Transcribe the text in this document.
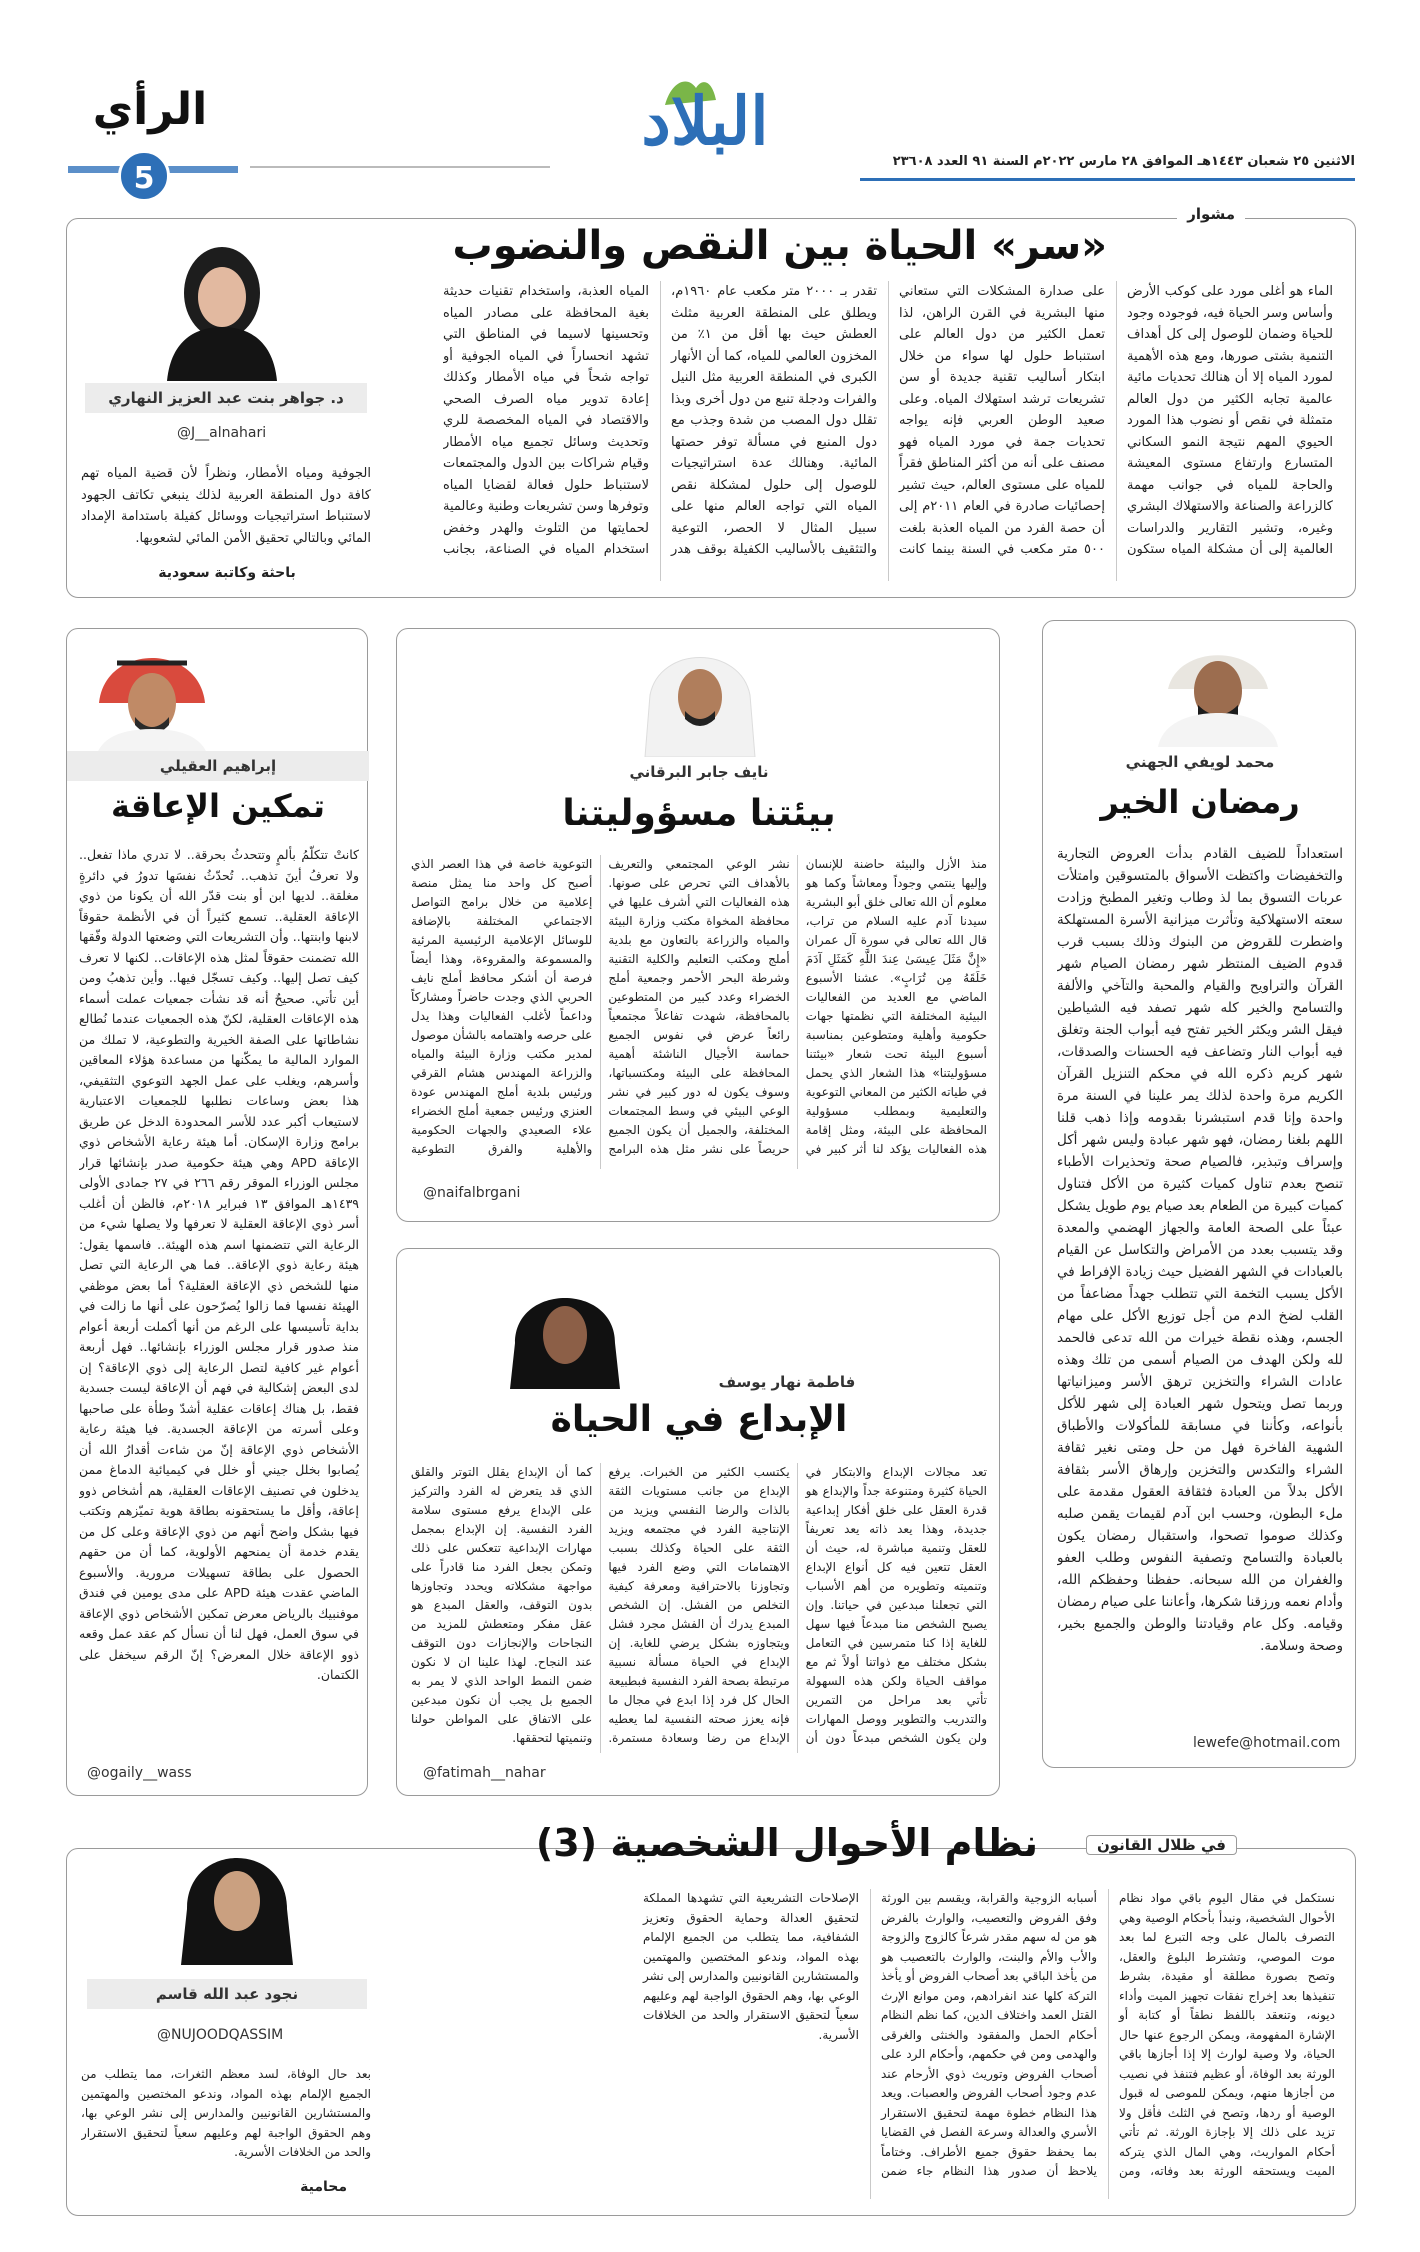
الرأي
5
البلاد
الاثنين ٢٥ شعبان ١٤٤٣هـ الموافق ٢٨ مارس ٢٠٢٢م السنة ٩١ العدد ٢٣٦٠٨
مشوار
«سر» الحياة بين النقص والنضوب
الماء هو أغلى مورد على كوكب الأرض وأساس وسر الحياة فيه، فوجوده وجود للحياة وضمان للوصول إلى كل أهداف التنمية بشتى صورها، ومع هذه الأهمية لمورد المياه إلا أن هنالك تحديات مائية عالمية تجابه الكثير من دول العالم متمثلة في نقص أو نضوب هذا المورد الحيوي المهم نتيجة النمو السكاني المتسارع وارتفاع مستوى المعيشة والحاجة للمياه في جوانب مهمة كالزراعة والصناعة والاستهلاك البشري وغيره، وتشير التقارير والدراسات العالمية إلى أن مشكلة المياه ستكون على صدارة المشكلات التي ستعاني منها البشرية في القرن الراهن، لذا تعمل الكثير من دول العالم على استنباط حلول لها سواء من خلال ابتكار أساليب تقنية جديدة أو سن تشريعات ترشد استهلاك المياه. وعلى صعيد الوطن العربي فإنه يواجه تحديات جمة في مورد المياه فهو مصنف على أنه من أكثر المناطق فقراً للمياه على مستوى العالم، حيث تشير إحصائيات صادرة في العام ٢٠١١م إلى أن حصة الفرد من المياه العذبة بلغت ٥٠٠ متر مكعب في السنة بينما كانت تقدر بـ ٢٠٠٠ متر مكعب عام ١٩٦٠م، ويطلق على المنطقة العربية مثلث العطش حيث بها أقل من ١٪ من المخزون العالمي للمياه، كما أن الأنهار الكبرى في المنطقة العربية مثل النيل والفرات ودجلة تنبع من دول أخرى وبذا تقلل دول المصب من شدة وجذب مع دول المنبع في مسألة توفر حصتها المائية. وهنالك عدة استراتيجيات للوصول إلى حلول لمشكلة نقص المياه التي تواجه العالم منها على سبيل المثال لا الحصر، التوعية والتثقيف بالأساليب الكفيلة بوقف هدر المياه العذبة، واستخدام تقنيات حديثة بغية المحافظة على مصادر المياه وتحسينها لاسيما في المناطق التي تشهد انحساراً في المياه الجوفية أو تواجه شحاً في مياه الأمطار وكذلك إعادة تدوير مياه الصرف الصحي والاقتصاد في المياه المخصصة للري وتحديث وسائل تجميع مياه الأمطار وقيام شراكات بين الدول والمجتمعات لاستنباط حلول فعالة لقضايا المياه وتوفرها وسن تشريعات وطنية وعالمية لحمايتها من التلوث والهدر وخفض استخدام المياه في الصناعة، بجانب
د. جواهر بنت عبد العزيز النهاري
@J__alnahari
الجوفية ومياه الأمطار، ونظراً لأن قضية المياه تهم كافة دول المنطقة العربية لذلك ينبغي تكاتف الجهود لاستنباط استراتيجيات ووسائل كفيلة باستدامة الإمداد المائي وبالتالي تحقيق الأمن المائي لشعوبها.
باحثة وكاتبة سعودية
محمد لويفي الجهني
رمضان الخير
استعداداً للضيف القادم بدأت العروض التجارية والتخفيضات واكتظت الأسواق بالمتسوقين وامتلأت عربات التسوق بما لذ وطاب وتغير المطبخ وزادت سعته الاستهلاكية وتأثرت ميزانية الأسرة المستهلكة واضطرت للقروض من البنوك وذلك بسبب قرب قدوم الضيف المنتظر شهر رمضان الصيام شهر القرآن والتراويح والقيام والمحبة والتآخي والألفة والتسامح والخير كله شهر تصفد فيه الشياطين فيقل الشر ويكثر الخير تفتح فيه أبواب الجنة وتغلق فيه أبواب النار وتضاعف فيه الحسنات والصدقات، شهر كريم ذكره الله في محكم التنزيل القرآن الكريم مرة واحدة لذلك يمر علينا في السنة مرة واحدة وإنا قدم استبشرنا بقدومه وإذا ذهب قلنا اللهم بلغنا رمضان، فهو شهر عبادة وليس شهر أكل وإسراف وتبذير، فالصيام صحة وتحذيرات الأطباء تنصح بعدم تناول كميات كثيرة من الأكل فتناول كميات كبيرة من الطعام بعد صيام يوم طويل يشكل عبئاً على الصحة العامة والجهاز الهضمي والمعدة وقد يتسبب بعدد من الأمراض والتكاسل عن القيام بالعبادات في الشهر الفضيل حيث زيادة الإفراط في الأكل يسبب التخمة التي تتطلب جهداً مضاعفاً من القلب لضخ الدم من أجل توزيع الأكل على مهام الجسم، وهذه نقطة خيرات من الله تدعى فالحمد لله ولكن الهدف من الصيام أسمى من تلك وهذه عادات الشراء والتخزين ترهق الأسر وميزانياتها وربما تصل ويتحول شهر العبادة إلى شهر للأكل بأنواعه، وكأننا في مسابقة للمأكولات والأطباق الشهية الفاخرة فهل من حل ومتى نغير ثقافة الشراء والتكدس والتخزين وإرهاق الأسر بثقافة الأكل بدلاً من العبادة فثقافة العقول مقدمة على ملء البطون، وحسب ابن آدم لقيمات يقمن صلبه وكذلك صوموا تصحوا، واستقبال رمضان يكون بالعبادة والتسامح وتصفية النفوس وطلب العفو والغفران من الله سبحانه. حفظنا وحفظكم الله، وأدام نعمه ورزقنا شكرها، وأعاننا على صيام رمضان وقيامه. وكل عام وقيادتنا والوطن والجميع بخير، وصحة وسلامة.
lewefe@hotmail.com
نايف جابر البرقاني
بيئتنا مسؤوليتنا
منذ الأزل والبيئة حاضنة للإنسان وإليها ينتمي وجوداً ومعاشاً وكما هو معلوم أن الله تعالى خلق أبو البشرية سيدنا آدم عليه السلام من تراب، قال الله تعالى في سورة آل عمران «إِنَّ مَثَلَ عِيسَىٰ عِندَ اللَّهِ كَمَثَلِ آدَمَ خَلَقَهُ مِن تُرَابٍ». عشنا الأسبوع الماضي مع العديد من الفعاليات البيئية المختلفة التي نظمتها جهات حكومية وأهلية ومتطوعين بمناسبة أسبوع البيئة تحت شعار «بيئتنا مسؤوليتنا» هذا الشعار الذي يحمل في طياته الكثير من المعاني التوعوية والتعليمية وبمطلب مسؤولية المحافظة على البيئة، ومثل إقامة هذه الفعاليات يؤكد لنا أثر كبير في نشر الوعي المجتمعي والتعريف بالأهداف التي تحرص على صونها. هذه الفعاليات التي أشرف عليها في محافظة المخواة مكتب وزارة البيئة والمياه والزراعة بالتعاون مع بلدية أملج ومكتب التعليم والكلية التقنية وشرطة البحر الأحمر وجمعية أملج الخضراء وعدد كبير من المتطوعين بالمحافظة، شهدت تفاعلاً مجتمعياً رائعاً عرض في نفوس الجميع حماسة الأجيال الناشئة أهمية المحافظة على البيئة ومكتسباتها، وسوف يكون له دور كبير في نشر الوعي البيئي في وسط المجتمعات المختلفة، والجميل أن يكون الجميع حريصاً على نشر مثل هذه البرامج التوعوية خاصة في هذا العصر الذي أصبح كل واحد منا يمثل منصة إعلامية من خلال برامج التواصل الاجتماعي المختلفة بالإضافة للوسائل الإعلامية الرئيسية المرئية والمسموعة والمقروءة، وهذا أيضاً فرصة أن أشكر محافظ أملج نايف الحربي الذي وجدت حاضراً ومشاركاً وداعماً لأغلب الفعاليات وهذا يدل على حرصه واهتمامه بالشأن موصول لمدير مكتب وزارة البيئة والمياه والزراعة المهندس هشام القرقي ورئيس بلدية أملج المهندس عودة العنزي ورئيس جمعية أملج الخضراء علاء الصعيدي والجهات الحكومية والأهلية والفرق التطوعية
@naifalbrgani
فاطمة نهار يوسف
الإبداع في الحياة
تعد مجالات الإبداع والابتكار في الحياة كثيرة ومتنوعة جداً والإبداع هو قدرة العقل على خلق أفكار إبداعية جديدة، وهذا يعد ذاته يعد تعريفاً للعقل وتنمية مباشرة له، حيث أن العقل تتعين فيه كل أنواع الإبداع وتنميته وتطويره من أهم الأسباب التي تجعلنا مبدعين في حياتنا. وإن يصبح الشخص منا مبدعاً فيها سهل للغاية إذا كنا متمرسين في التعامل بشكل مختلف مع ذواتنا أولاً ثم مع مواقف الحياة ولكن هذه السهولة تأتي بعد مراحل من التمرين والتدريب والتطوير ووصل المهارات ولن يكون الشخص مبدعاً دون أن يكتسب الكثير من الخبرات. يرفع الإبداع من جانب مستويات الثقة بالذات والرضا النفسي ويزيد من الإنتاجية الفرد في مجتمعه ويزيد الثقة على الحياة وكذلك بسبب الاهتمامات التي وضع الفرد فيها وتجاوزنا بالاحترافية ومعرفة كيفية التخلص من الفشل. إن الشخص المبدع يدرك أن الفشل مجرد فشل ويتجاوزه بشكل يرضي للغاية. إن الإبداع في الحياة مسألة نسبية مرتبطة بصحة الفرد النفسية فبطبيعة الحال كل فرد إذا ابدع في مجال ما فإنه يعزز صحته النفسية لما يعطيه الإبداع من رضا وسعادة مستمرة. كما أن الإبداع يقلل التوتر والقلق الذي قد يتعرض له الفرد والتركيز على الإبداع يرفع مستوى سلامة الفرد النفسية. إن الإبداع بمجمل مهارات الإبداعية تتعكس على ذلك وتمكن بجعل الفرد منا قادراً على مواجهة مشكلاته ويحدد وتجاوزها بدون التوقف، والعقل المبدع هو عقل مفكر ومتعطش للمزيد من النجاحات والإنجازات دون التوقف عند النجاح. لهذا علينا ان لا نكون ضمن النمط الواحد الذي لا يمر به الجميع بل يجب أن نكون مبدعين على الاتفاق على المواطن حولنا وتنميتها لتحققها.
@fatimah__nahar
إبراهيم العقيلي
تمكين الإعاقة
كانتْ تتكلّمُ بألمٍ وتتحدثُ بحرقة.. لا تدري ماذا تفعل.. ولا تعرفُ أينَ تذهب.. تُحدّثُ نفسَها تدورُ في دائرةٍ مغلقة.. لديها ابن أو بنت قدّر الله أن يكونا من ذوي الإعاقة العقلية.. تسمع كثيراً أن في الأنظمة حقوقاً لابنها وابنتها.. وأن التشريعات التي وضعتها الدولة وفّقها الله تضمنت حقوقاً لمثل هذه الإعاقات.. لكنها لا تعرف كيف تصل إليها.. وكيف تسجّل فيها.. وأين تذهبُ ومن أين تأتي. صحيحٌ أنه قد نشأت جمعيات عملت أسماء هذه الإعاقات العقلية، لكنّ هذه الجمعيات عندما نُطالع نشاطاتها على الصفة الخيرية والتطوعية، لا تملك من الموارد المالية ما يمكّنها من مساعدة هؤلاء المعاقين وأسرهم، ويغلب على عمل الجهد التوعوي التثقيفي، هذا بعض وساعات نطلبها للجمعيات الاعتبارية لاستيعاب أكبر عدد للأسر المحدودة الدخل عن طريق برامج وزارة الإسكان. أما هيئة رعاية الأشخاص ذوي الإعاقة APD وهي هيئة حكومية صدر بإنشائها قرار مجلس الوزراء الموقر رقم ٢٦٦ في ٢٧ جمادى الأولى ١٤٣٩هـ الموافق ١٣ فبراير ٢٠١٨م، فالظن أن أغلب أسر ذوي الإعاقة العقلية لا تعرفها ولا يصلها شيء من الرعاية التي تتضمنها اسم هذه الهيئة.. فاسمها يقول: هيئة رعاية ذوي الإعاقة.. فما هي الرعاية التي تصل منها للشخص ذي الإعاقة العقلية؟ أما بعض موظفي الهيئة نفسها فما زالوا يُصرّحون على أنها ما زالت في بداية تأسيسها على الرغم من أنها أكملت أربعة أعوام منذ صدور قرار مجلس الوزراء بإنشائها.. فهل أربعة أعوام غير كافية لتصل الرعاية إلى ذوي الإعاقة؟ إن لدى البعض إشكالية في فهم أن الإعاقة ليست جسدية فقط، بل هناك إعاقات عقلية أشدّ وطأة على صاحبها وعلى أسرته من الإعاقة الجسدية. فيا هيئة رعاية الأشخاص ذوي الإعاقة إنّ من شاءت أقدارُ الله أن يُصابوا بخلل جيني أو خلل في كيميائية الدماغ ممن يدخلون في تصنيف الإعاقات العقلية، هم أشخاص ذوو إعاقة، وأقل ما يستحقونه بطاقة هوية تميّزهم وتكتب فيها بشكل واضح أنهم من ذوي الإعاقة وعلى كل من يقدم خدمة أن يمنحهم الأولوية، كما أن من حقهم الحصول على بطاقة تسهيلات مرورية. والأسبوع الماضي عقدت هيئة APD على مدى يومين في فندق موفنبيك بالرياض معرض تمكين الأشخاص ذوي الإعاقة في سوق العمل، فهل لنا أن نسأل كم عقد عمل وقعه ذوو الإعاقة خلال المعرض؟ إنّ الرقم سيخفل على الكتمان.
@ogaily__wass
في ظلال القانون
نظام الأحوال الشخصية (3)
نستكمل في مقال اليوم باقي مواد نظام الأحوال الشخصية، ونبدأ بأحكام الوصية وهي التصرف بالمال على وجه التبرع لما بعد موت الموصي، وتشترط البلوغ والعقل، وتصح بصورة مطلقة أو مقيدة، بشرط تنفيذها بعد إخراج نفقات تجهيز الميت وأداء ديونه، وتنعقد باللفظ نطقاً أو كتابة أو الإشارة المفهومة، ويمكن الرجوع عنها حال الحياة، ولا وصية لوارث إلا إذا أجازها باقي الورثة بعد الوفاة، أو عظيم فتنفذ في نصيب من أجازها منهم، ويمكن للموصى له قبول الوصية أو ردها، وتصح في الثلث فأقل ولا تزيد على ذلك إلا بإجازة الورثة. ثم تأتي أحكام المواريث، وهي المال الذي يتركه الميت ويستحقه الورثة بعد وفاته، ومن أسبابه الزوجية والقرابة، ويقسم بين الورثة وفق الفروض والتعصيب، والوارث بالفرض هو من له سهم مقدر شرعاً كالزوج والزوجة والأب والأم والبنت، والوارث بالتعصيب هو من يأخذ الباقي بعد أصحاب الفروض أو يأخذ التركة كلها عند انفرادهم، ومن موانع الإرث القتل العمد واختلاف الدين، كما نظم النظام أحكام الحمل والمفقود والخنثى والغرقى والهدمى ومن في حكمهم، وأحكام الرد على أصحاب الفروض وتوريث ذوي الأرحام عند عدم وجود أصحاب الفروض والعصبات. ويعد هذا النظام خطوة مهمة لتحقيق الاستقرار الأسري والعدالة وسرعة الفصل في القضايا بما يحفظ حقوق جميع الأطراف. وختاماً يلاحظ أن صدور هذا النظام جاء ضمن الإصلاحات التشريعية التي تشهدها المملكة لتحقيق العدالة وحماية الحقوق وتعزيز الشفافية، مما يتطلب من الجميع الإلمام بهذه المواد، وندعو المختصين والمهتمين والمستشارين القانونيين والمدارس إلى نشر الوعي بها، وهم الحقوق الواجبة لهم وعليهم سعياً لتحقيق الاستقرار والحد من الخلافات الأسرية.
نجود عبد الله قاسم
@NUJOODQASSIM
بعد حال الوفاة، لسد معظم الثغرات، مما يتطلب من الجميع الإلمام بهذه المواد، وندعو المختصين والمهتمين والمستشارين القانونيين والمدارس إلى نشر الوعي بها، وهم الحقوق الواجبة لهم وعليهم سعياً لتحقيق الاستقرار والحد من الخلافات الأسرية.
محامية
